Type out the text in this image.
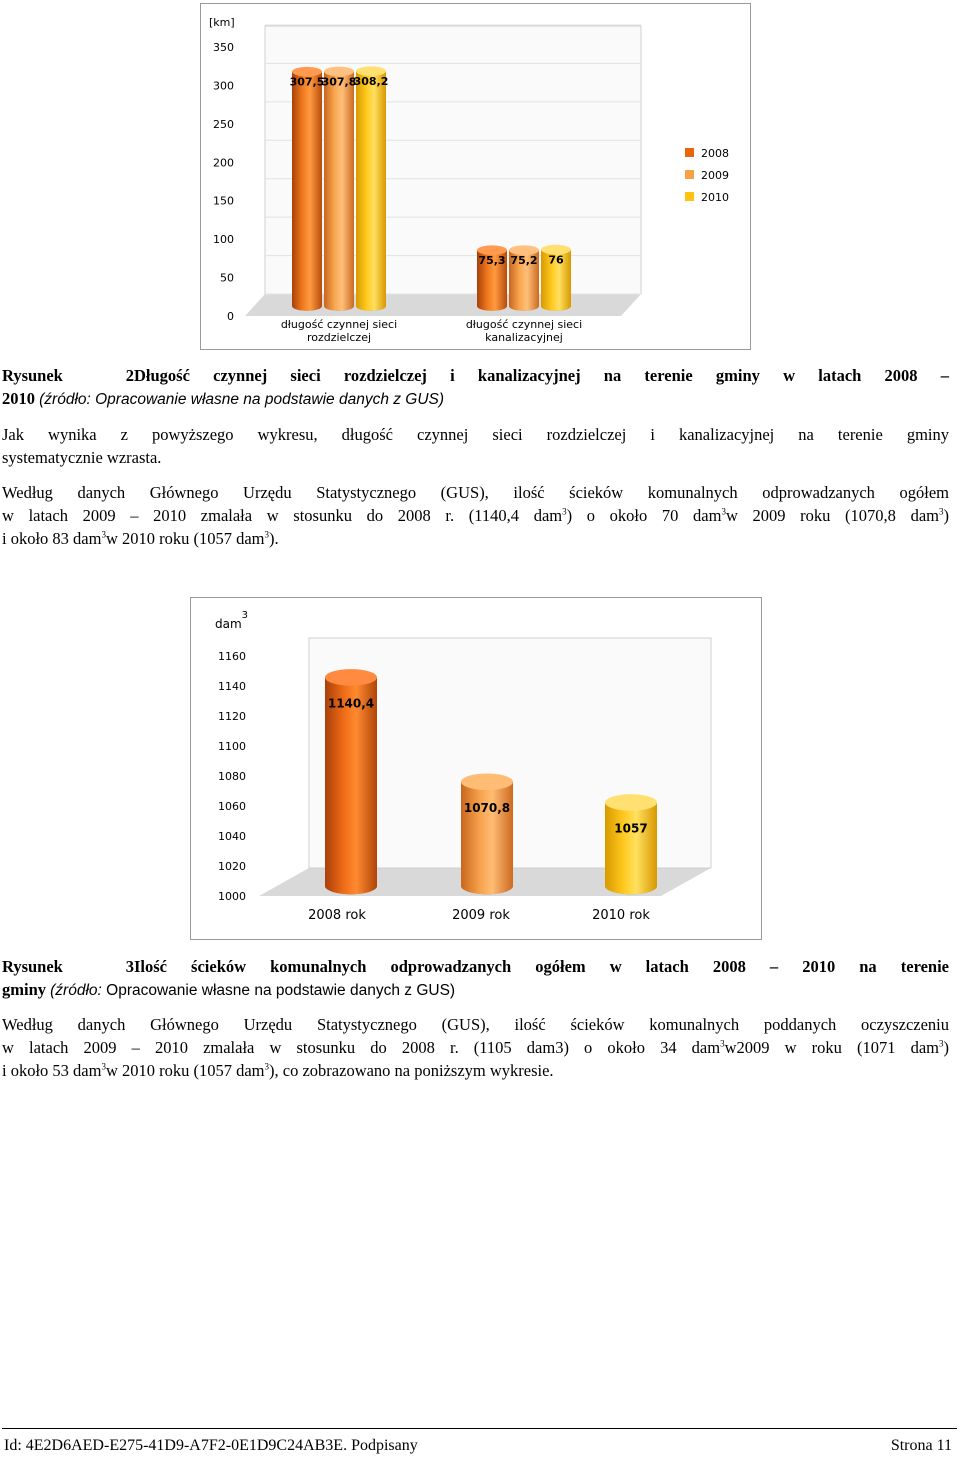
0
50
100
150
200
250
300
350
[km]
307,5
307,8
308,2
75,3 75,2 76
długość czynnej sieci
rozdzielczej
długość czynnej sieci
kanalizacyjnej
2008
2009
2010

Rysunek 2Długość czynnej sieci rozdzielczej i kanalizacyjnej na terenie gminy w latach 2008 –
2010 (źródło: Opracowanie własne na podstawie danych z GUS)

Jak wynika z powyższego wykresu, długość czynnej sieci rozdzielczej i kanalizacyjnej na terenie gminy
systematycznie wzrasta.

Według danych Głównego Urzędu Statystycznego (GUS), ilość ścieków komunalnych odprowadzanych ogółem
w latach 2009 – 2010 zmalała w stosunku do 2008 r. (1140,4 dam$^3$) o około 70 dam$^3$w 2009 roku (1070,8 dam$^3$)
i około 83 dam$^3$w 2010 roku (1057 dam$^3$).

1000
1020
1040
1060
1080
1100
1120
1140
1160
dam$^3$
1140,4
1070,8
1057
2008 rok	2009 rok	2010 rok

Rysunek 3Ilość ścieków komunalnych odprowadzanych ogółem w latach 2008 – 2010 na terenie
gminy (źródło: Opracowanie własne na podstawie danych z GUS)

Według danych Głównego Urzędu Statystycznego (GUS), ilość ścieków komunalnych poddanych oczyszczeniu
w latach 2009 – 2010 zmalała w stosunku do 2008 r. (1105 dam3) o około 34 dam$^3$w2009 w roku (1071 dam$^3$)
i około 53 dam$^3$w 2010 roku (1057 dam$^3$), co zobrazowano na poniższym wykresie.

Id: 4E2D6AED-E275-41D9-A7F2-0E1D9C24AB3E. Podpisany	Strona 11
